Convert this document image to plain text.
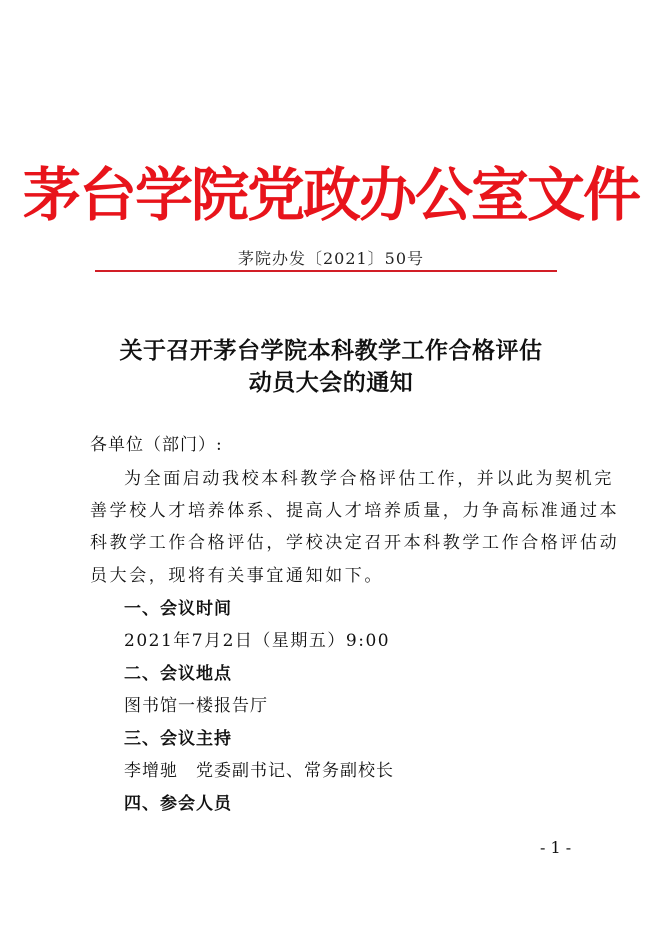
茅台学院党政办公室文件
茅院办发〔2021〕50号
关于召开茅台学院本科教学工作合格评估
动员大会的通知
各单位（部门）:
为全面启动我校本科教学合格评估工作，并以此为契机完
善学校人才培养体系、提高人才培养质量，力争高标准通过本
科教学工作合格评估，学校决定召开本科教学工作合格评估动
员大会，现将有关事宜通知如下。
一、会议时间
2021年7月2日（星期五）9:00
二、会议地点
图书馆一楼报告厅
三、会议主持
李增驰　党委副书记、常务副校长
四、参会人员
- 1 -
